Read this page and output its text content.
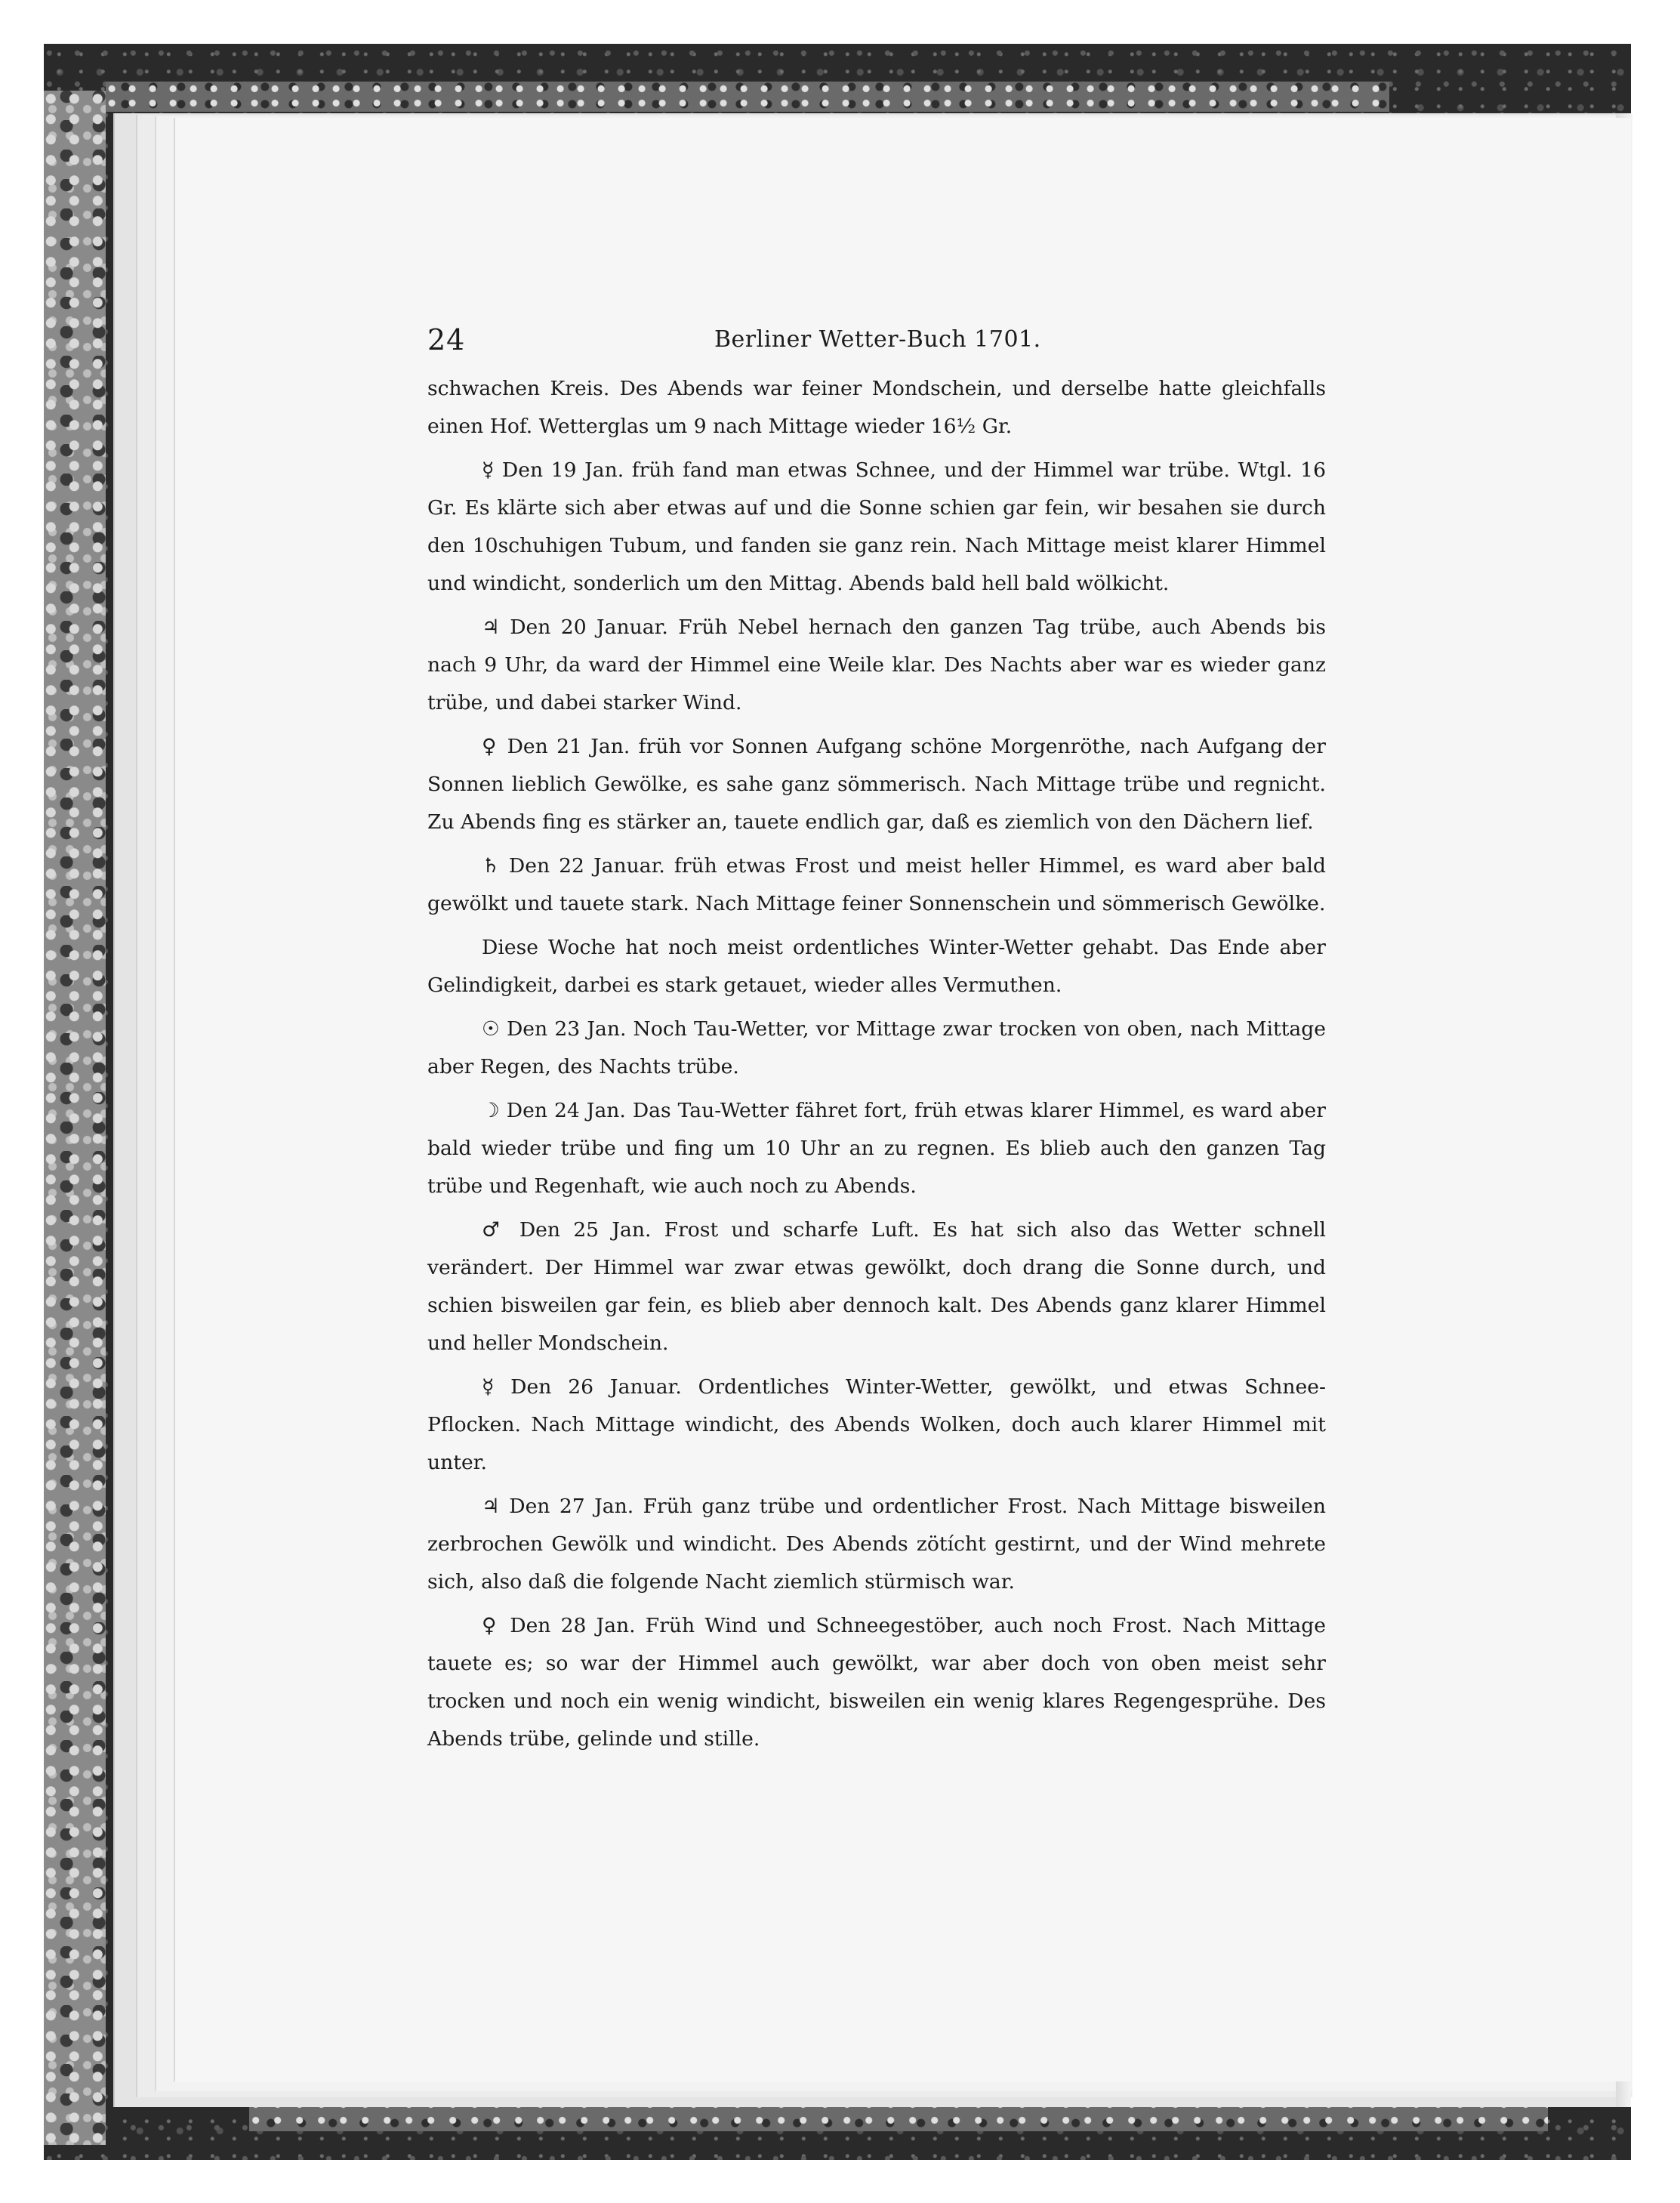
24	Berliner Wetter-Buch 1701.

schwachen Kreis. Des Abends war feiner Mondschein, und derselbe hatte gleichfalls einen Hof. Wetterglas um 9 nach Mittage wieder 16½ Gr.

☿ Den 19 Jan. früh fand man etwas Schnee, und der Himmel war trübe. Wtgl. 16 Gr. Es klärte sich aber etwas auf und die Sonne schien gar fein, wir besahen sie durch den 10schuhigen Tubum, und fanden sie ganz rein. Nach Mittage meist klarer Himmel und windicht, sonderlich um den Mittag. Abends bald hell bald wölkicht.

♃ Den 20 Januar. Früh Nebel hernach den ganzen Tag trübe, auch Abends bis nach 9 Uhr, da ward der Himmel eine Weile klar. Des Nachts aber war es wieder ganz trübe, und dabei starker Wind.

♀ Den 21 Jan. früh vor Sonnen Aufgang schöne Morgenröthe, nach Aufgang der Sonnen lieblich Gewölke, es sahe ganz sömmerisch. Nach Mittage trübe und regnicht. Zu Abends fing es stärker an, tauete endlich gar, daß es ziemlich von den Dächern lief.

♄ Den 22 Januar. früh etwas Frost und meist heller Himmel, es ward aber bald gewölkt und tauete stark. Nach Mittage feiner Sonnenschein und sömmerisch Gewölke.

Diese Woche hat noch meist ordentliches Winter-Wetter gehabt. Das Ende aber Gelindigkeit, darbei es stark getauet, wieder alles Vermuthen.

☉ Den 23 Jan. Noch Tau-Wetter, vor Mittage zwar trocken von oben, nach Mittage aber Regen, des Nachts trübe.

☽ Den 24 Jan. Das Tau-Wetter fähret fort, früh etwas klarer Himmel, es ward aber bald wieder trübe und fing um 10 Uhr an zu regnen. Es blieb auch den ganzen Tag trübe und Regenhaft, wie auch noch zu Abends.

♂ Den 25 Jan. Frost und scharfe Luft. Es hat sich also das Wetter schnell verändert. Der Himmel war zwar etwas gewölkt, doch drang die Sonne durch, und schien bisweilen gar fein, es blieb aber dennoch kalt. Des Abends ganz klarer Himmel und heller Mondschein.

☿ Den 26 Januar. Ordentliches Winter-Wetter, gewölkt, und etwas Schnee-Pflocken. Nach Mittage windicht, des Abends Wolken, doch auch klarer Himmel mit unter.

♃ Den 27 Jan. Früh ganz trübe und ordentlicher Frost. Nach Mittage bisweilen zerbrochen Gewölk und windicht. Des Abends zötícht gestirnt, und der Wind mehrete sich, also daß die folgende Nacht ziemlich stürmisch war.

♀ Den 28 Jan. Früh Wind und Schneegestöber, auch noch Frost. Nach Mittage tauete es; so war der Himmel auch gewölkt, war aber doch von oben meist sehr trocken und noch ein wenig windicht, bisweilen ein wenig klares Regengesprühe. Des Abends trübe, gelinde und stille.
